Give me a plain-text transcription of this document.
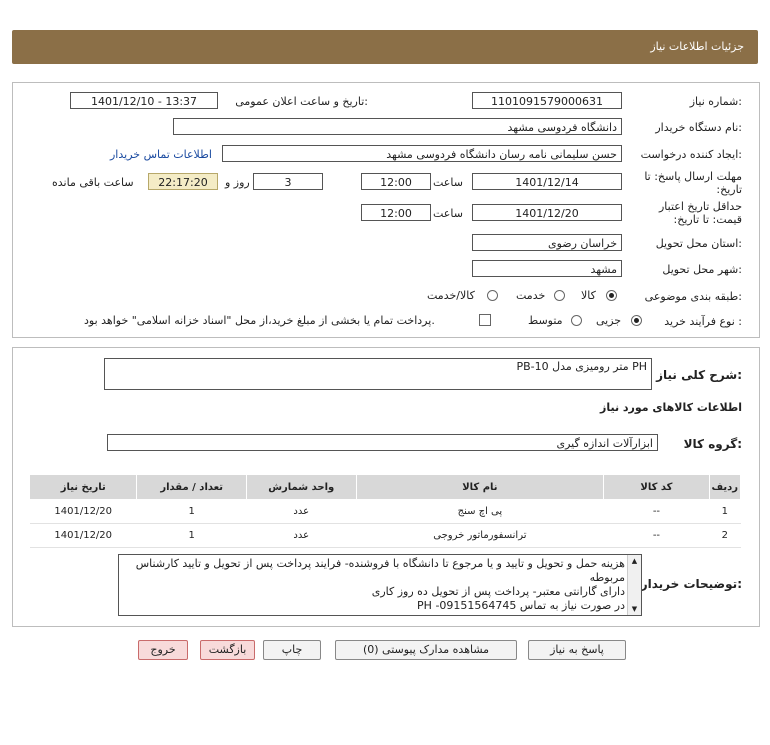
جزئیات اطلاعات نیاز
شماره نیاز:
1101091579000631
تاریخ و ساعت اعلان عمومی:
1401/12/10 - 13:37
نام دستگاه خریدار:
دانشگاه فردوسی مشهد
ایجاد کننده درخواست:
حسن سلیمانی نامه رسان دانشگاه فردوسی مشهد
اطلاعات تماس خریدار
مهلت ارسال پاسخ: تا تاریخ:
1401/12/14
ساعت
12:00
3
روز و
22:17:20
ساعت باقی مانده
حداقل تاریخ اعتبار قیمت: تا تاریخ:
1401/12/20
ساعت
12:00
استان محل تحویل:
خراسان رضوی
شهر محل تحویل:
مشهد
طبقه بندی موضوعی:
کالا
خدمت
کالا/خدمت
نوع فرآیند خرید :
جزیی
متوسط
پرداخت تمام یا بخشی از مبلغ خرید،از محل "اسناد خزانه اسلامی" خواهد بود.
شرح کلی نیاز:
PH متر رومیزی مدل PB-10
اطلاعات کالاهای مورد نیاز
گروه کالا:
ابزارآلات اندازه گیری
ردیف	کد کالا	نام کالا	واحد شمارش	تعداد / مقدار	تاریخ نیاز
1	--	پی اچ سنج	عدد	1	1401/12/20
2	--	ترانسفورماتور خروجی	عدد	1	1401/12/20
توضیحات خریدار:
هزینه حمل و تحویل و تایید و یا مرجوع تا دانشگاه با فروشنده- فرایند پرداخت پس از تحویل و تایید کارشناس مربوطه
دارای گارانتی معتبر- پرداخت پس از تحویل ده روز کاری
در صورت نیاز به تماس 09151564745- PH
▲
▼
پاسخ به نیاز
مشاهده مدارک پیوستی (0)
چاپ
بازگشت
خروج
